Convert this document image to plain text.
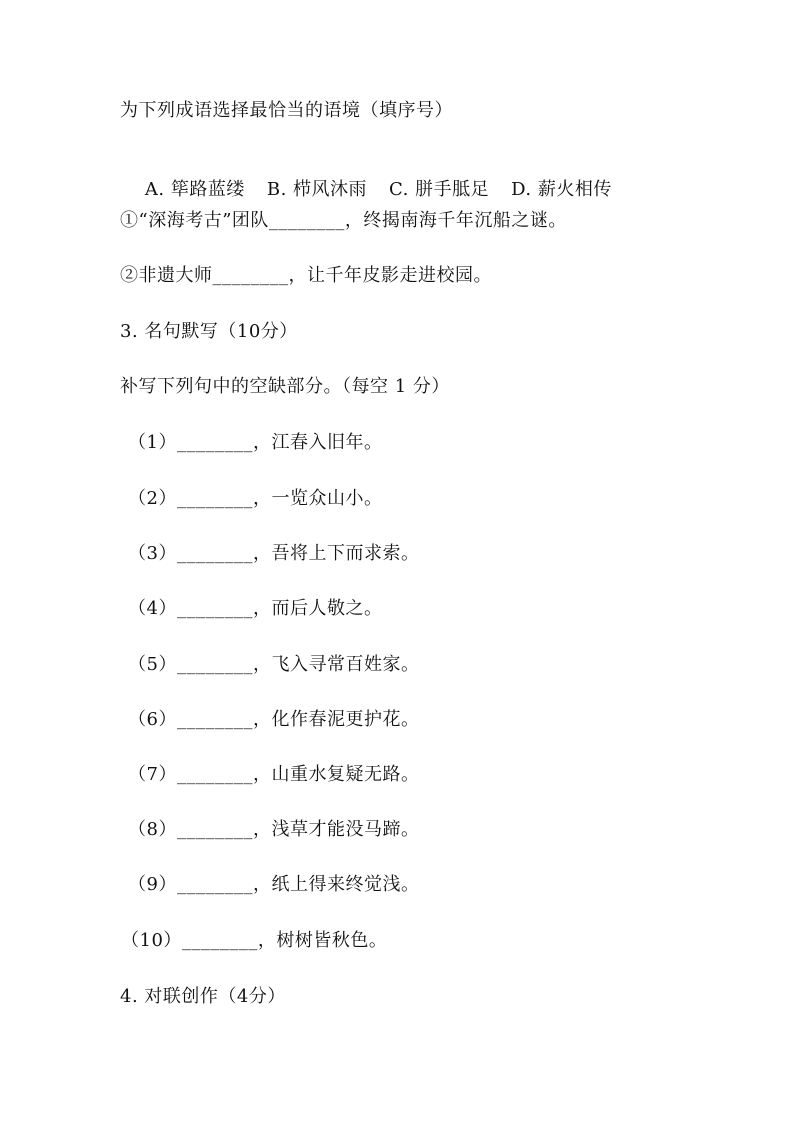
为下列成语选择最恰当的语境（填序号）

A. 筚路蓝缕 B. 栉风沐雨 C. 胼手胝足 D. 薪火相传

①“深海考古”团队________，终揭南海千年沉船之谜。
②非遗大师________，让千年皮影走进校园。
3. 名句默写（10分）
补写下列句中的空缺部分。（每空 1 分）
（1）________，江春入旧年。
（2）________，一览众山小。
（3）________，吾将上下而求索。
（4）________，而后人敬之。
（5）________，飞入寻常百姓家。
（6）________，化作春泥更护花。
（7）________，山重水复疑无路。
（8）________，浅草才能没马蹄。
（9）________，纸上得来终觉浅。
（10）________，树树皆秋色。
4. 对联创作（4分）
